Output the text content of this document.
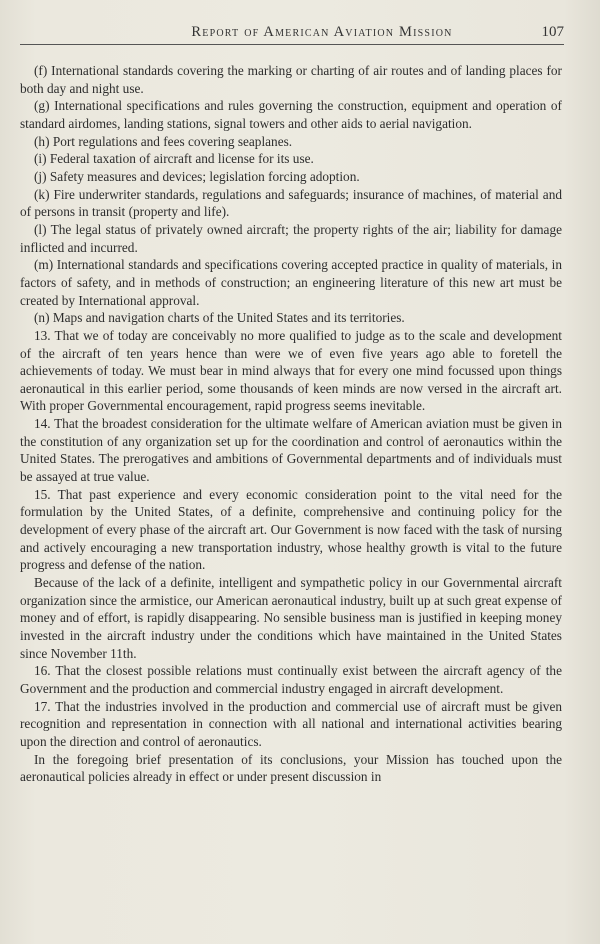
Report of American Aviation Mission	107

(f) International standards covering the marking or charting of air routes and of landing places for both day and night use.

(g) International specifications and rules governing the construction, equipment and operation of standard airdomes, landing stations, signal towers and other aids to aerial navigation.

(h) Port regulations and fees covering seaplanes.

(i) Federal taxation of aircraft and license for its use.

(j) Safety measures and devices; legislation forcing adoption.

(k) Fire underwriter standards, regulations and safeguards; insurance of machines, of material and of persons in transit (property and life).

(l) The legal status of privately owned aircraft; the property rights of the air; liability for damage inflicted and incurred.

(m) International standards and specifications covering accepted practice in quality of materials, in factors of safety, and in methods of construction; an engineering literature of this new art must be created by International approval.

(n) Maps and navigation charts of the United States and its territories.

13. That we of today are conceivably no more qualified to judge as to the scale and development of the aircraft of ten years hence than were we of even five years ago able to foretell the achievements of today. We must bear in mind always that for every one mind focussed upon things aeronautical in this earlier period, some thousands of keen minds are now versed in the aircraft art. With proper Governmental encouragement, rapid progress seems inevitable.

14. That the broadest consideration for the ultimate welfare of American aviation must be given in the constitution of any organization set up for the coordination and control of aeronautics within the United States. The prerogatives and ambitions of Governmental departments and of individuals must be assayed at true value.

15. That past experience and every economic consideration point to the vital need for the formulation by the United States, of a definite, comprehensive and continuing policy for the development of every phase of the aircraft art. Our Government is now faced with the task of nursing and actively encouraging a new transportation industry, whose healthy growth is vital to the future progress and defense of the nation.

Because of the lack of a definite, intelligent and sympathetic policy in our Governmental aircraft organization since the armistice, our American aeronautical industry, built up at such great expense of money and of effort, is rapidly disappearing. No sensible business man is justified in keeping money invested in the aircraft industry under the conditions which have maintained in the United States since November 11th.

16. That the closest possible relations must continually exist between the aircraft agency of the Government and the production and commercial industry engaged in aircraft development.

17. That the industries involved in the production and commercial use of aircraft must be given recognition and representation in connection with all national and international activities bearing upon the direction and control of aeronautics.

In the foregoing brief presentation of its conclusions, your Mission has touched upon the aeronautical policies already in effect or under present discussion in
